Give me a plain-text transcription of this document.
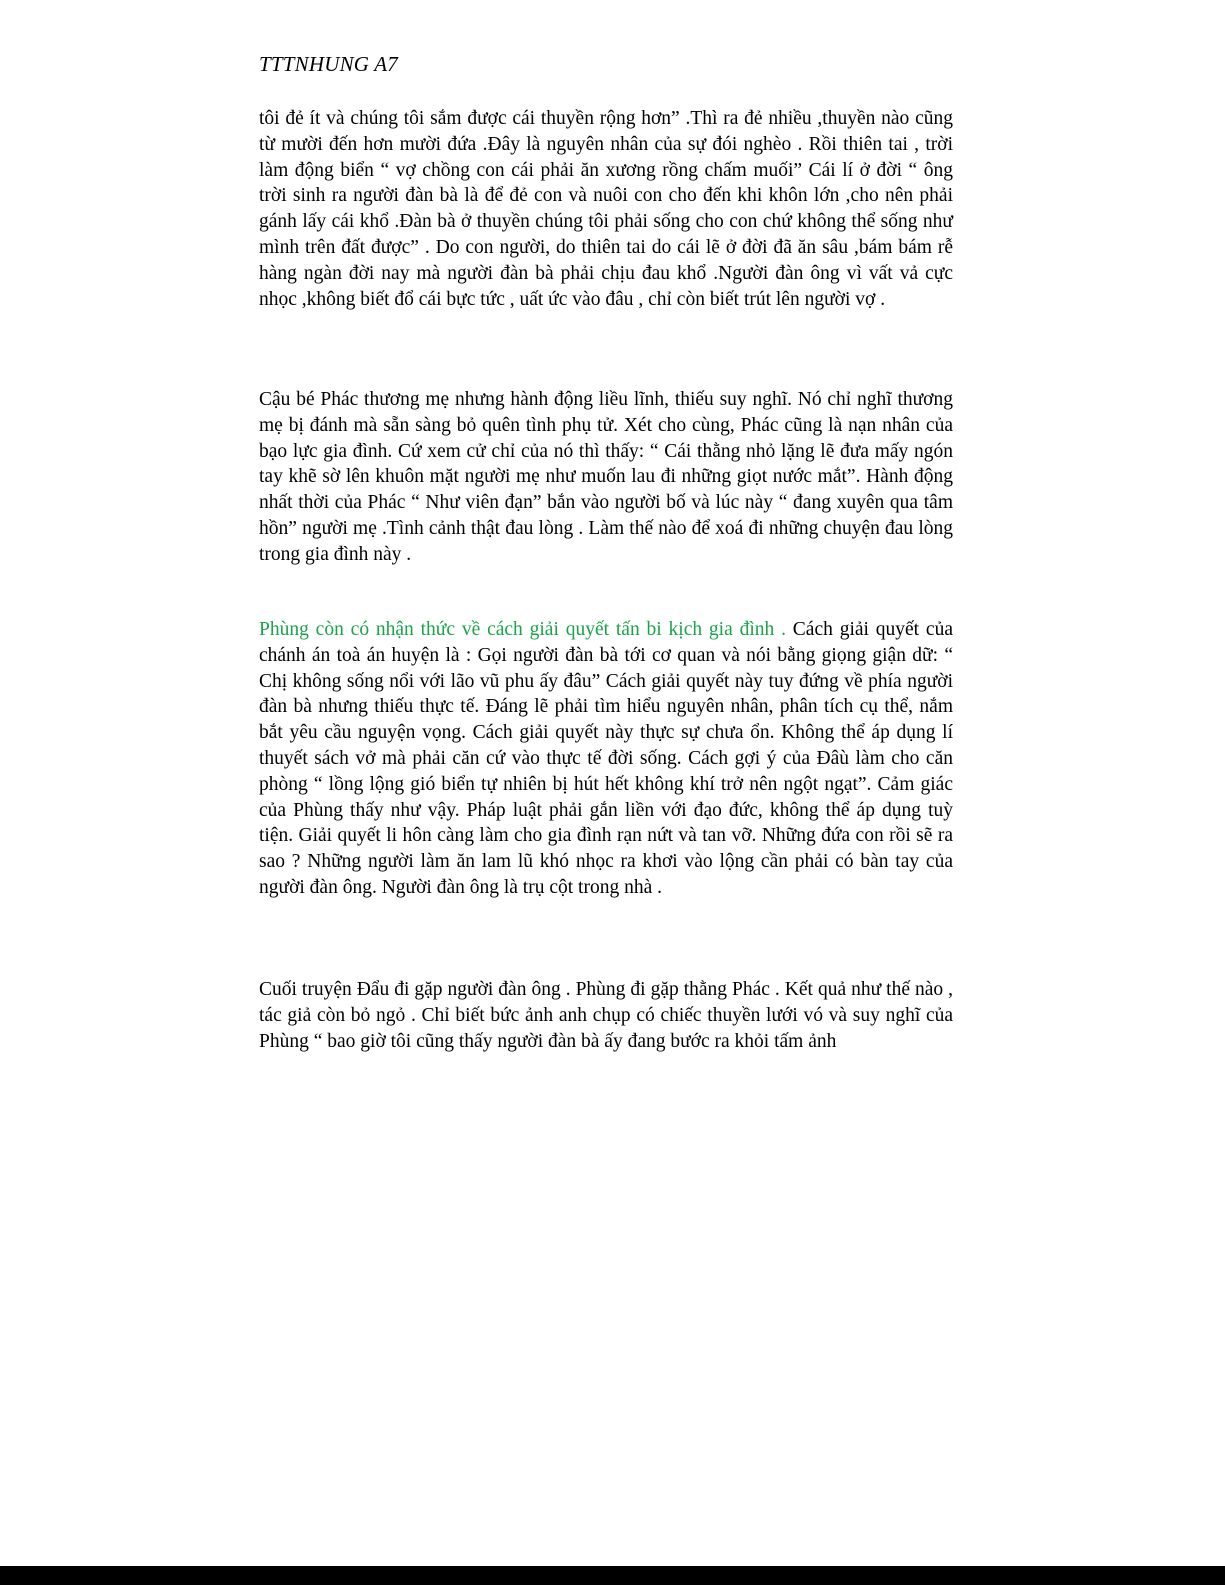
TTTNHUNG A7

tôi đẻ ít và chúng tôi sắm được cái thuyền rộng hơn” .Thì ra đẻ nhiều ,thuyền nào cũng từ mười đến hơn mười đứa .Đây là nguyên nhân của sự đói nghèo . Rồi thiên tai , trời làm động biển “ vợ chồng con cái phải ăn xương rồng chấm muối” Cái lí ở đời “ ông trời sinh ra người đàn bà là để đẻ con và nuôi con cho đến khi khôn lớn ,cho nên phải gánh lấy cái khổ .Đàn bà ở thuyền chúng tôi phải sống cho con chứ không thể sống như mình trên đất được” . Do con người, do thiên tai do cái lẽ ở đời đã ăn sâu ,bám bám rễ hàng ngàn đời nay mà người đàn bà phải chịu đau khổ .Người đàn ông vì vất vả cực nhọc ,không biết đổ cái bực tức , uất ức vào đâu , chỉ còn biết trút lên người vợ .

Cậu bé Phác thương mẹ nhưng hành động liều lĩnh, thiếu suy nghĩ. Nó chỉ nghĩ thương mẹ bị đánh mà sẵn sàng bỏ quên tình phụ tử. Xét cho cùng, Phác cũng là nạn nhân của bạo lực gia đình. Cứ xem cử chỉ của nó thì thấy: “ Cái thằng nhỏ lặng lẽ đưa mấy ngón tay khẽ sờ lên khuôn mặt người mẹ như muốn lau đi những giọt nước mắt”. Hành động nhất thời của Phác “ Như viên đạn” bắn vào người bố và lúc này “ đang xuyên qua tâm hồn” người mẹ .Tình cảnh thật đau lòng . Làm thế nào để xoá đi những chuyện đau lòng trong gia đình này .

Phùng còn có nhận thức về cách giải quyết tấn bi kịch gia đình . Cách giải quyết của chánh án toà án huyện là : Gọi người đàn bà tới cơ quan và nói bằng giọng giận dữ: “ Chị không sống nổi với lão vũ phu ấy đâu” Cách giải quyết này tuy đứng về phía người đàn bà nhưng thiếu thực tế. Đáng lẽ phải tìm hiểu nguyên nhân, phân tích cụ thể, nắm bắt yêu cầu nguyện vọng. Cách giải quyết này thực sự chưa ổn. Không thể áp dụng lí thuyết sách vở mà phải căn cứ vào thực tế đời sống. Cách gợi ý của Đâù làm cho căn phòng “ lồng lộng gió biển tự nhiên bị hút hết không khí trở nên ngột ngạt”. Cảm giác của Phùng thấy như vậy. Pháp luật phải gắn liền với đạo đức, không thể áp dụng tuỳ tiện. Giải quyết li hôn càng làm cho gia đình rạn nứt và tan vỡ. Những đứa con rồi sẽ ra sao ? Những người làm ăn lam lũ khó nhọc ra khơi vào lộng cần phải có bàn tay của người đàn ông. Người đàn ông là trụ cột trong nhà .

Cuối truyện Đẩu đi gặp người đàn ông . Phùng đi gặp thằng Phác . Kết quả như thế nào , tác giả còn bỏ ngỏ . Chỉ biết bức ảnh anh chụp có chiếc thuyền lưới vó và suy nghĩ của Phùng “ bao giờ tôi cũng thấy người đàn bà ấy đang bước ra khỏi tấm ảnh
